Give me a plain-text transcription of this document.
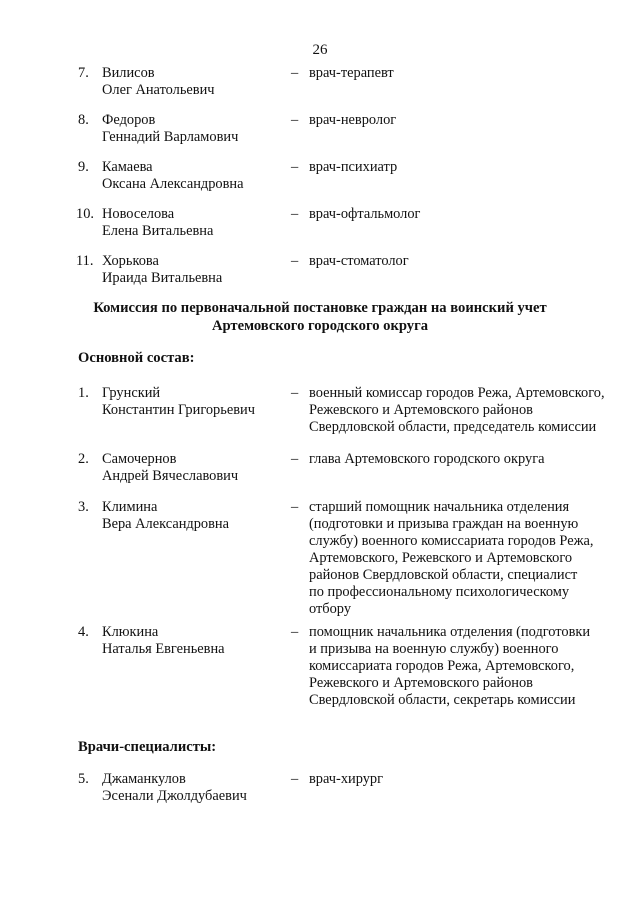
26
7. Вилисов
Олег Анатольевич
– врач-терапевт
8. Федоров
Геннадий Варламович
– врач-невролог
9. Камаева
Оксана Александровна
– врач-психиатр
10. Новоселова
Елена Витальевна
– врач-офтальмолог
11. Хорькова
Ираида Витальевна
– врач-стоматолог
Комиссия по первоначальной постановке граждан на воинский учет
Артемовского городского округа
Основной состав:
1. Грунский
Константин Григорьевич
– военный комиссар городов Режа, Артемовского,
Режевского и Артемовского районов
Свердловской области, председатель комиссии
2. Самочернов
Андрей Вячеславович
– глава Артемовского городского округа
3. Климина
Вера Александровна
– старший помощник начальника отделения
(подготовки и призыва граждан на военную
службу) военного комиссариата городов Режа,
Артемовского, Режевского и Артемовского
районов Свердловской области, специалист
по профессиональному психологическому
отбору
4. Клюкина
Наталья Евгеньевна
– помощник начальника отделения (подготовки
и призыва на военную службу) военного
комиссариата городов Режа, Артемовского,
Режевского и Артемовского районов
Свердловской области, секретарь комиссии
Врачи-специалисты:
5. Джаманкулов
Эсенали Джолдубаевич
– врач-хирург
